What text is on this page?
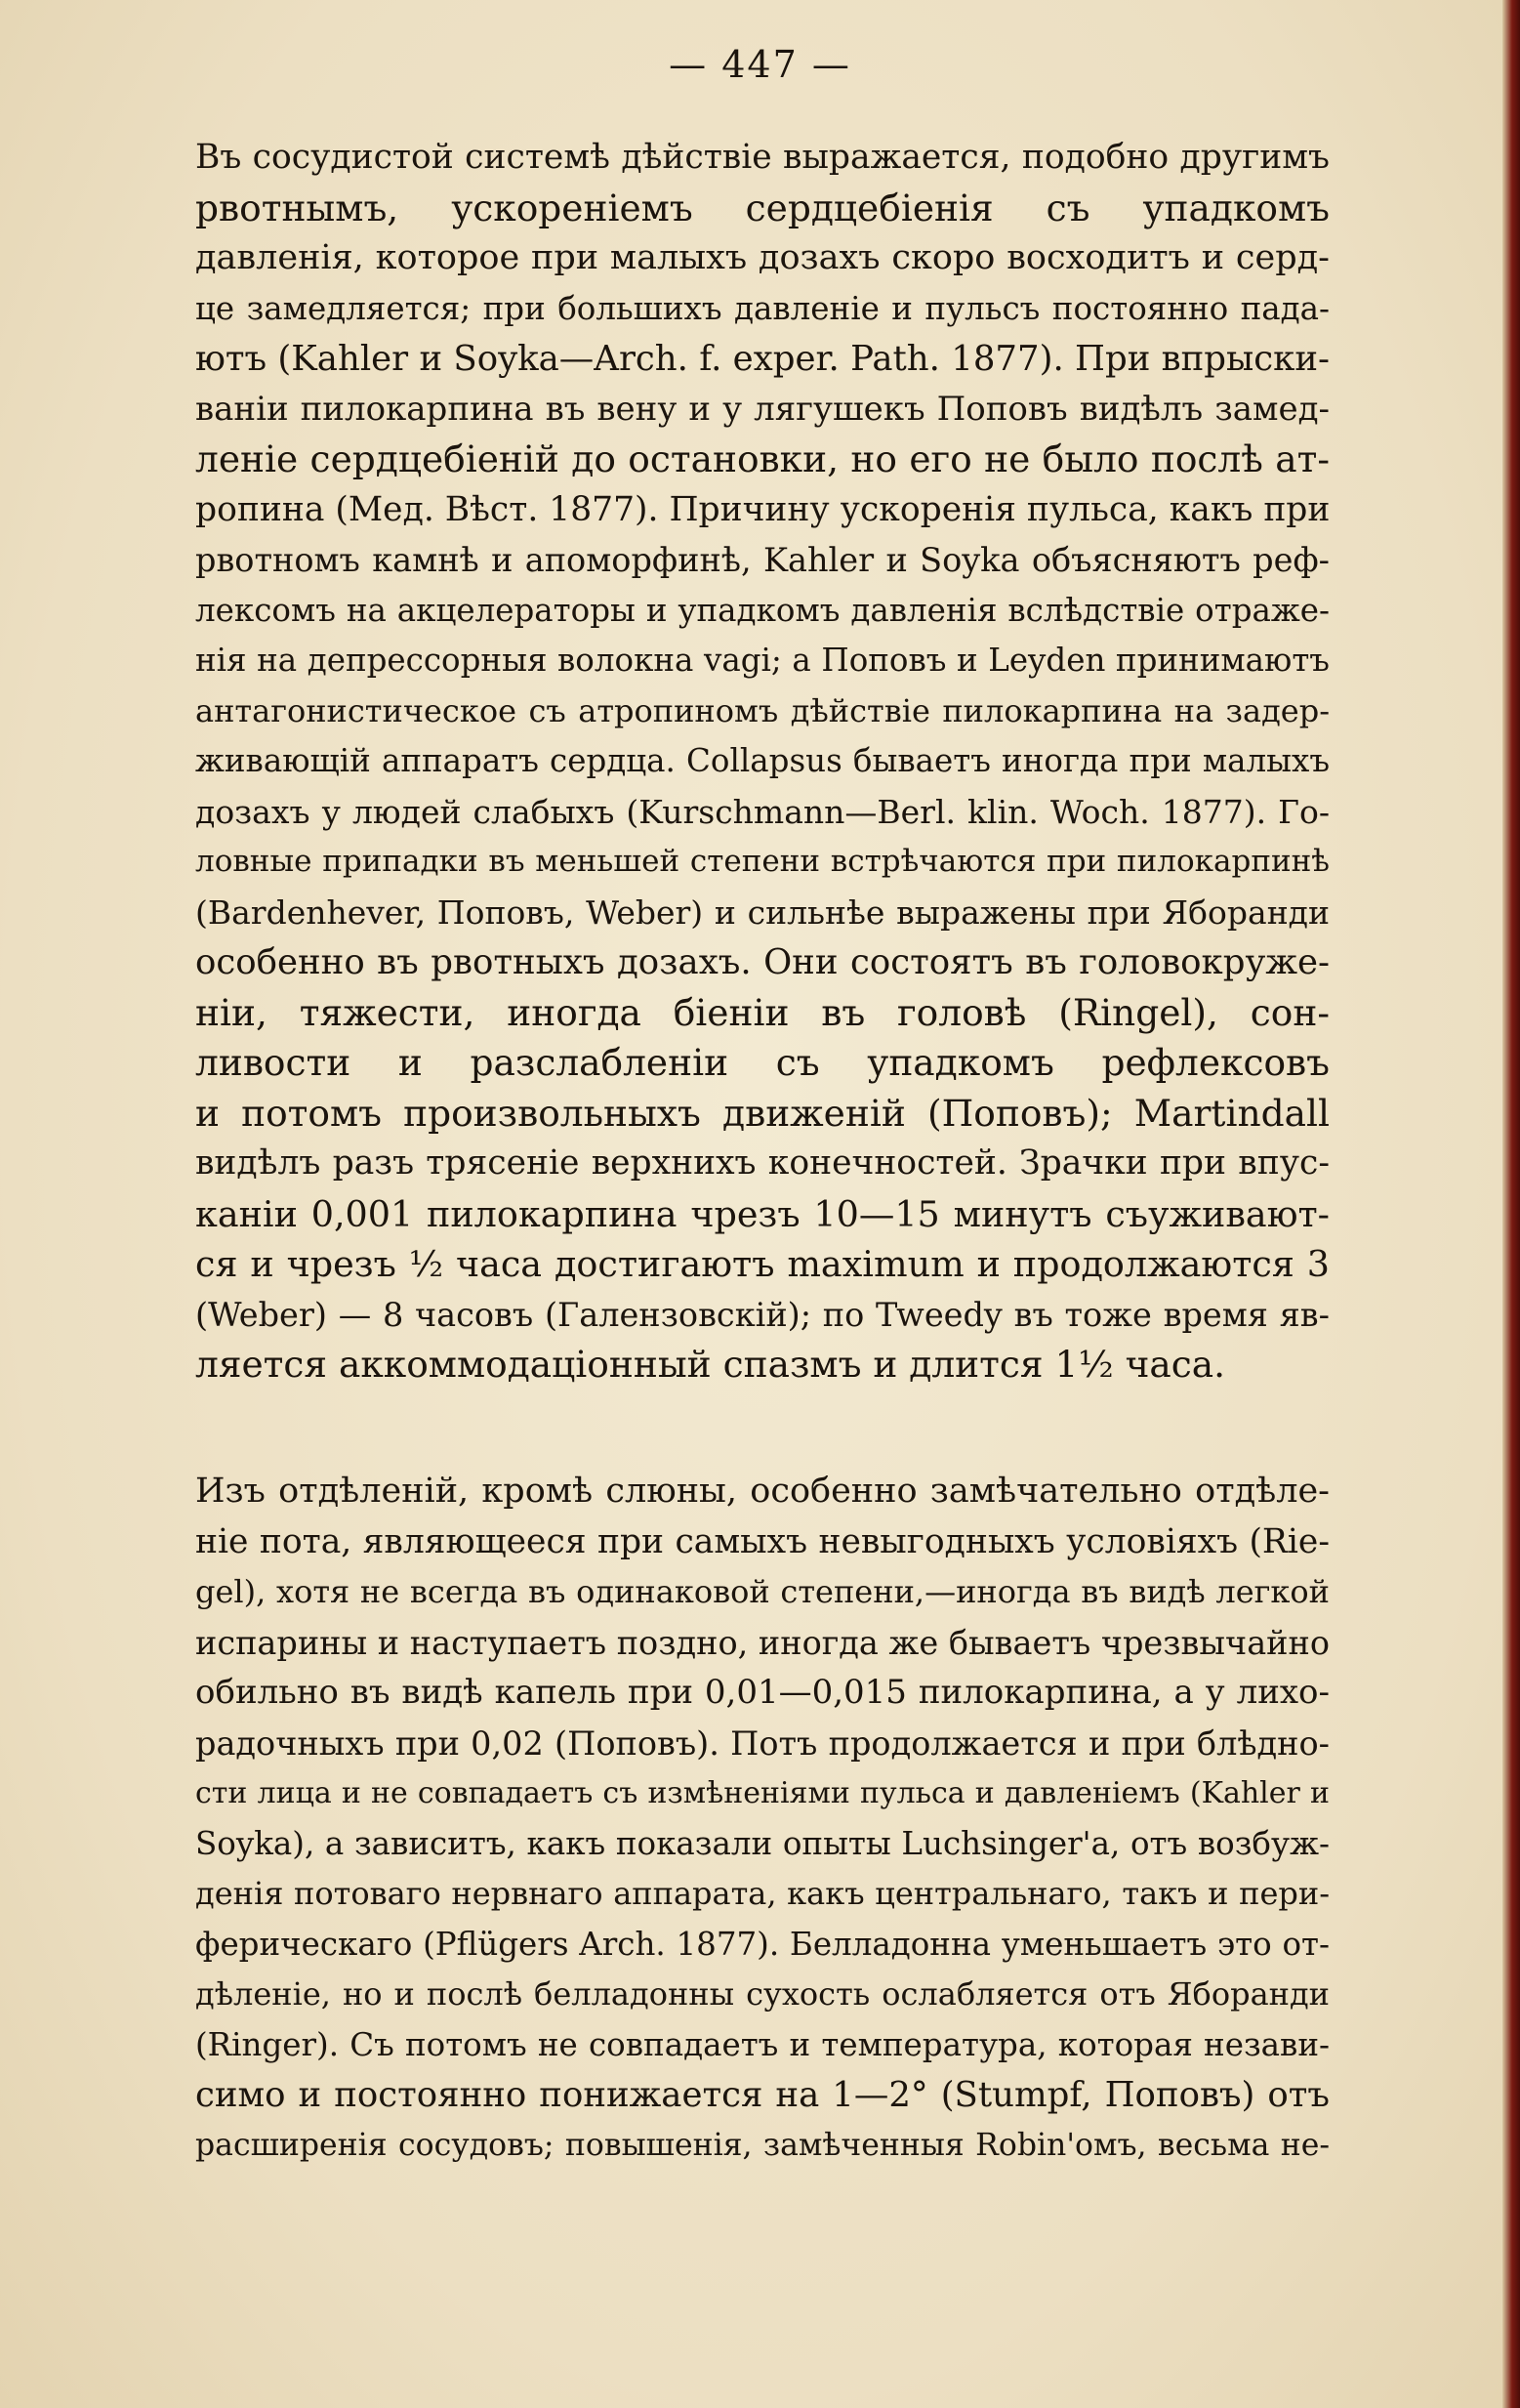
— 447 —
Въ сосудистой системѣ дѣйствіе выражается, подобно другимъ
рвотнымъ, ускореніемъ сердцебіенія съ упадкомъ
давленія, которое при малыхъ дозахъ скоро восходитъ и серд-
це замедляется; при большихъ давленіе и пульсъ постоянно пада-
ютъ (Kahler и Soyka—Arch. f. exper. Path. 1877). При впрыски-
ваніи пилокарпина въ вену и у лягушекъ Поповъ видѣлъ замед-
леніе сердцебіеній до остановки, но его не было послѣ ат-
ропина (Мед. Вѣст. 1877). Причину ускоренія пульса, какъ при
рвотномъ камнѣ и апоморфинѣ, Kahler и Soyka объясняютъ реф-
лексомъ на акцелераторы и упадкомъ давленія вслѣдствіе отраже-
нія на депрессорныя волокна vagi; а Поповъ и Leyden принимаютъ
антагонистическое съ атропиномъ дѣйствіе пилокарпина на задер-
живающій аппаратъ сердца. Collapsus бываетъ иногда при малыхъ
дозахъ у людей слабыхъ (Kurschmann—Berl. klin. Woch. 1877). Го-
ловные припадки въ меньшей степени встрѣчаются при пилокарпинѣ
(Bardenhever, Поповъ, Weber) и сильнѣе выражены при Яборанди
особенно въ рвотныхъ дозахъ. Они состоятъ въ головокруже-
ніи, тяжести, иногда біеніи въ головѣ (Ringel), сон-
ливости и разслабленіи съ упадкомъ рефлексовъ
и потомъ произвольныхъ движеній (Поповъ); Martindall
видѣлъ разъ трясеніе верхнихъ конечностей. Зрачки при впус-
каніи 0,001 пилокарпина чрезъ 10—15 минутъ съуживают-
ся и чрезъ ½ часа достигаютъ maximum и продолжаются 3
(Weber) — 8 часовъ (Галензовскій); по Tweedy въ тоже время яв-
ляется аккоммодаціонный спазмъ и длится 1½ часа.
Изъ отдѣленій, кромѣ слюны, особенно замѣчательно отдѣле-
ніе пота, являющееся при самыхъ невыгодныхъ условіяхъ (Rie-
gel), хотя не всегда въ одинаковой степени,—иногда въ видѣ легкой
испарины и наступаетъ поздно, иногда же бываетъ чрезвычайно
обильно въ видѣ капель при 0,01—0,015 пилокарпина, а у лихо-
радочныхъ при 0,02 (Поповъ). Потъ продолжается и при блѣдно-
сти лица и не совпадаетъ съ измѣненіями пульса и давленіемъ (Kahler и
Soyka), а зависитъ, какъ показали опыты Luchsinger'а, отъ возбуж-
денія потоваго нервнаго аппарата, какъ центральнаго, такъ и пери-
ферическаго (Pflügers Arch. 1877). Белладонна уменьшаетъ это от-
дѣленіе, но и послѣ белладонны сухость ослабляется отъ Яборанди
(Ringer). Съ потомъ не совпадаетъ и температура, которая незави-
симо и постоянно понижается на 1—2° (Stumpf, Поповъ) отъ
расширенія сосудовъ; повышенія, замѣченныя Robin'омъ, весьма не-
